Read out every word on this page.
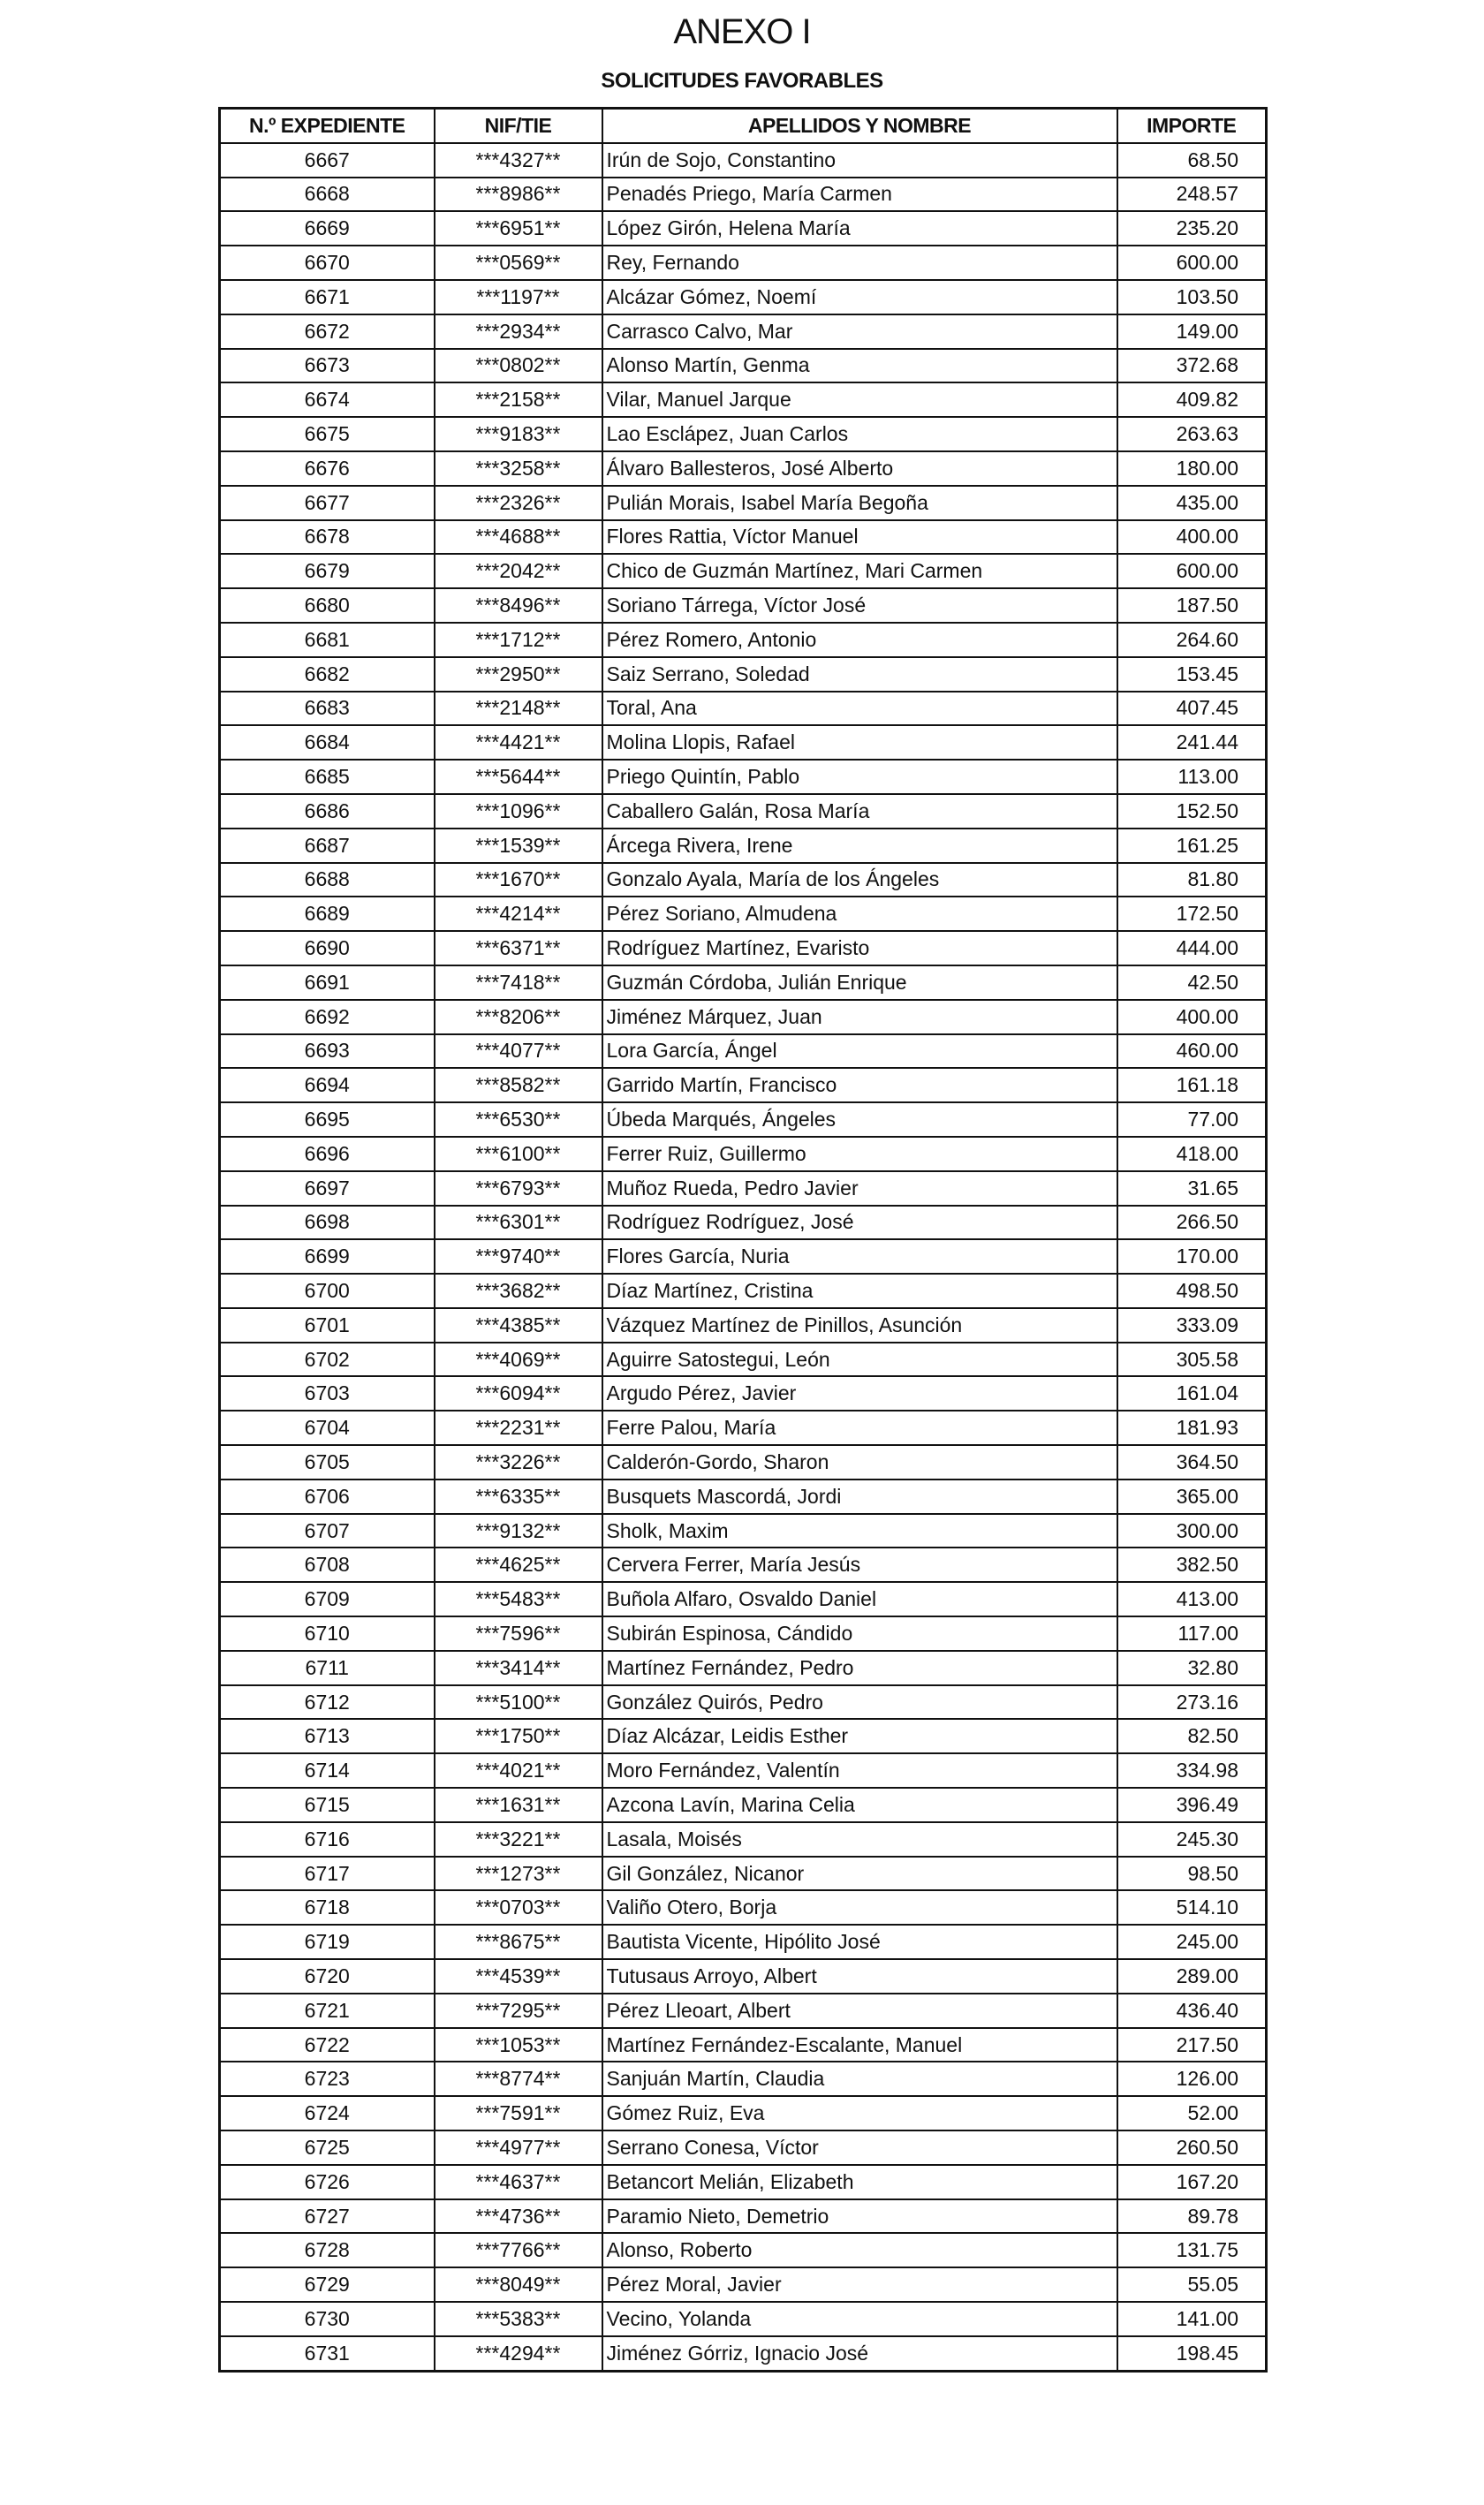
ANEXO I
SOLICITUDES FAVORABLES
N.º EXPEDIENTE	NIF/TIE	APELLIDOS Y NOMBRE	IMPORTE
6667	***4327**	Irún de Sojo, Constantino	68.50
6668	***8986**	Penadés Priego, María Carmen	248.57
6669	***6951**	López Girón, Helena María	235.20
6670	***0569**	Rey, Fernando	600.00
6671	***1197**	Alcázar Gómez, Noemí	103.50
6672	***2934**	Carrasco Calvo, Mar	149.00
6673	***0802**	Alonso Martín, Genma	372.68
6674	***2158**	Vilar, Manuel Jarque	409.82
6675	***9183**	Lao Esclápez, Juan Carlos	263.63
6676	***3258**	Álvaro Ballesteros, José Alberto	180.00
6677	***2326**	Pulián Morais, Isabel María Begoña	435.00
6678	***4688**	Flores Rattia, Víctor Manuel	400.00
6679	***2042**	Chico de Guzmán Martínez, Mari Carmen	600.00
6680	***8496**	Soriano Tárrega, Víctor José	187.50
6681	***1712**	Pérez Romero, Antonio	264.60
6682	***2950**	Saiz Serrano, Soledad	153.45
6683	***2148**	Toral, Ana	407.45
6684	***4421**	Molina Llopis, Rafael	241.44
6685	***5644**	Priego Quintín, Pablo	113.00
6686	***1096**	Caballero Galán, Rosa María	152.50
6687	***1539**	Árcega Rivera, Irene	161.25
6688	***1670**	Gonzalo Ayala, María de los Ángeles	81.80
6689	***4214**	Pérez Soriano, Almudena	172.50
6690	***6371**	Rodríguez Martínez, Evaristo	444.00
6691	***7418**	Guzmán Córdoba, Julián Enrique	42.50
6692	***8206**	Jiménez Márquez, Juan	400.00
6693	***4077**	Lora García, Ángel	460.00
6694	***8582**	Garrido Martín, Francisco	161.18
6695	***6530**	Úbeda Marqués, Ángeles	77.00
6696	***6100**	Ferrer Ruiz, Guillermo	418.00
6697	***6793**	Muñoz Rueda, Pedro Javier	31.65
6698	***6301**	Rodríguez Rodríguez, José	266.50
6699	***9740**	Flores García, Nuria	170.00
6700	***3682**	Díaz Martínez, Cristina	498.50
6701	***4385**	Vázquez Martínez de Pinillos, Asunción	333.09
6702	***4069**	Aguirre Satostegui, León	305.58
6703	***6094**	Argudo Pérez, Javier	161.04
6704	***2231**	Ferre Palou, María	181.93
6705	***3226**	Calderón-Gordo, Sharon	364.50
6706	***6335**	Busquets Mascordá, Jordi	365.00
6707	***9132**	Sholk, Maxim	300.00
6708	***4625**	Cervera Ferrer, María Jesús	382.50
6709	***5483**	Buñola Alfaro, Osvaldo Daniel	413.00
6710	***7596**	Subirán Espinosa, Cándido	117.00
6711	***3414**	Martínez Fernández, Pedro	32.80
6712	***5100**	González Quirós, Pedro	273.16
6713	***1750**	Díaz Alcázar, Leidis Esther	82.50
6714	***4021**	Moro Fernández, Valentín	334.98
6715	***1631**	Azcona Lavín, Marina Celia	396.49
6716	***3221**	Lasala, Moisés	245.30
6717	***1273**	Gil González, Nicanor	98.50
6718	***0703**	Valiño Otero, Borja	514.10
6719	***8675**	Bautista Vicente, Hipólito José	245.00
6720	***4539**	Tutusaus Arroyo, Albert	289.00
6721	***7295**	Pérez Lleoart, Albert	436.40
6722	***1053**	Martínez Fernández-Escalante, Manuel	217.50
6723	***8774**	Sanjuán Martín, Claudia	126.00
6724	***7591**	Gómez Ruiz, Eva	52.00
6725	***4977**	Serrano Conesa, Víctor	260.50
6726	***4637**	Betancort Melián, Elizabeth	167.20
6727	***4736**	Paramio Nieto, Demetrio	89.78
6728	***7766**	Alonso, Roberto	131.75
6729	***8049**	Pérez Moral, Javier	55.05
6730	***5383**	Vecino, Yolanda	141.00
6731	***4294**	Jiménez Górriz, Ignacio José	198.45
